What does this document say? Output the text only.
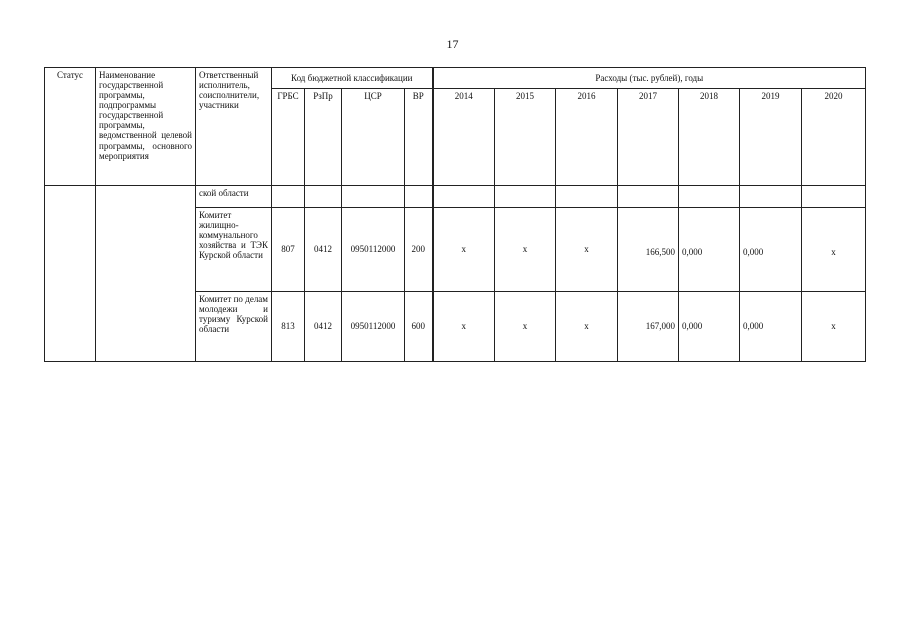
17
Статус	Наименование государственной программы, подпрограммы государственной программы, ведомственной целевой программы, основного мероприятия	Ответственный исполнитель, соисполнители, участники	Код бюджетной классификации				Расходы (тыс. рублей), годы						
			ГРБС	РзПр	ЦСР	ВР	2014	2015	2016	2017	2018	2019	2020
		ской области											
		Комитет жилищно-коммунального хозяйства и ТЭК Курской области	807	0412	0950112000	200	x	x	x	166,500	0,000	0,000	x
		Комитет по делам молодежи и туризму Курской области	813	0412	0950112000	600	x	x	x	167,000	0,000	0,000	x
